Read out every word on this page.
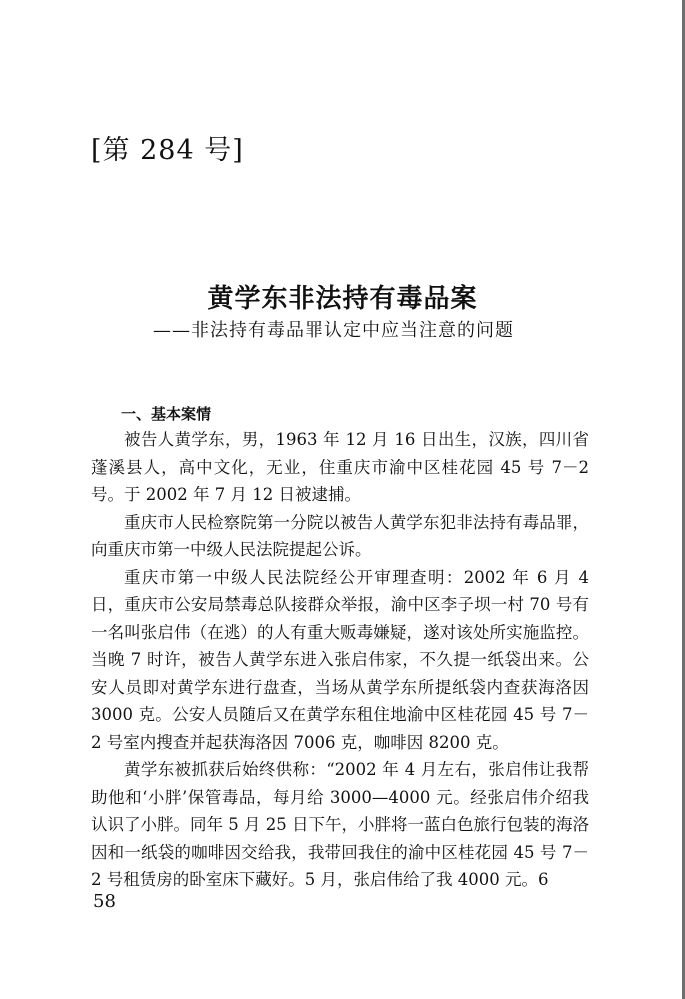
[第 284 号]
黄学东非法持有毒品案
——非法持有毒品罪认定中应当注意的问题
一、基本案情

被告人黄学东，男，1963 年 12 月 16 日出生，汉族，四川省蓬溪县人，高中文化，无业，住重庆市渝中区桂花园 45 号 7－2 号。于 2002 年 7 月 12 日被逮捕。

重庆市人民检察院第一分院以被告人黄学东犯非法持有毒品罪，向重庆市第一中级人民法院提起公诉。

重庆市第一中级人民法院经公开审理查明：2002 年 6 月 4 日，重庆市公安局禁毒总队接群众举报，渝中区李子坝一村 70 号有一名叫张启伟（在逃）的人有重大贩毒嫌疑，遂对该处所实施监控。当晚 7 时许，被告人黄学东进入张启伟家，不久提一纸袋出来。公安人员即对黄学东进行盘查，当场从黄学东所提纸袋内查获海洛因 3000 克。公安人员随后又在黄学东租住地渝中区桂花园 45 号 7－2 号室内搜查并起获海洛因 7006 克，咖啡因 8200 克。

黄学东被抓获后始终供称：“2002 年 4 月左右，张启伟让我帮助他和‘小胖’保管毒品，每月给 3000—4000 元。经张启伟介绍我认识了小胖。同年 5 月 25 日下午，小胖将一蓝白色旅行包装的海洛因和一纸袋的咖啡因交给我，我带回我住的渝中区桂花园 45 号 7－2 号租赁房的卧室床下藏好。5 月，张启伟给了我 4000 元。6

58
